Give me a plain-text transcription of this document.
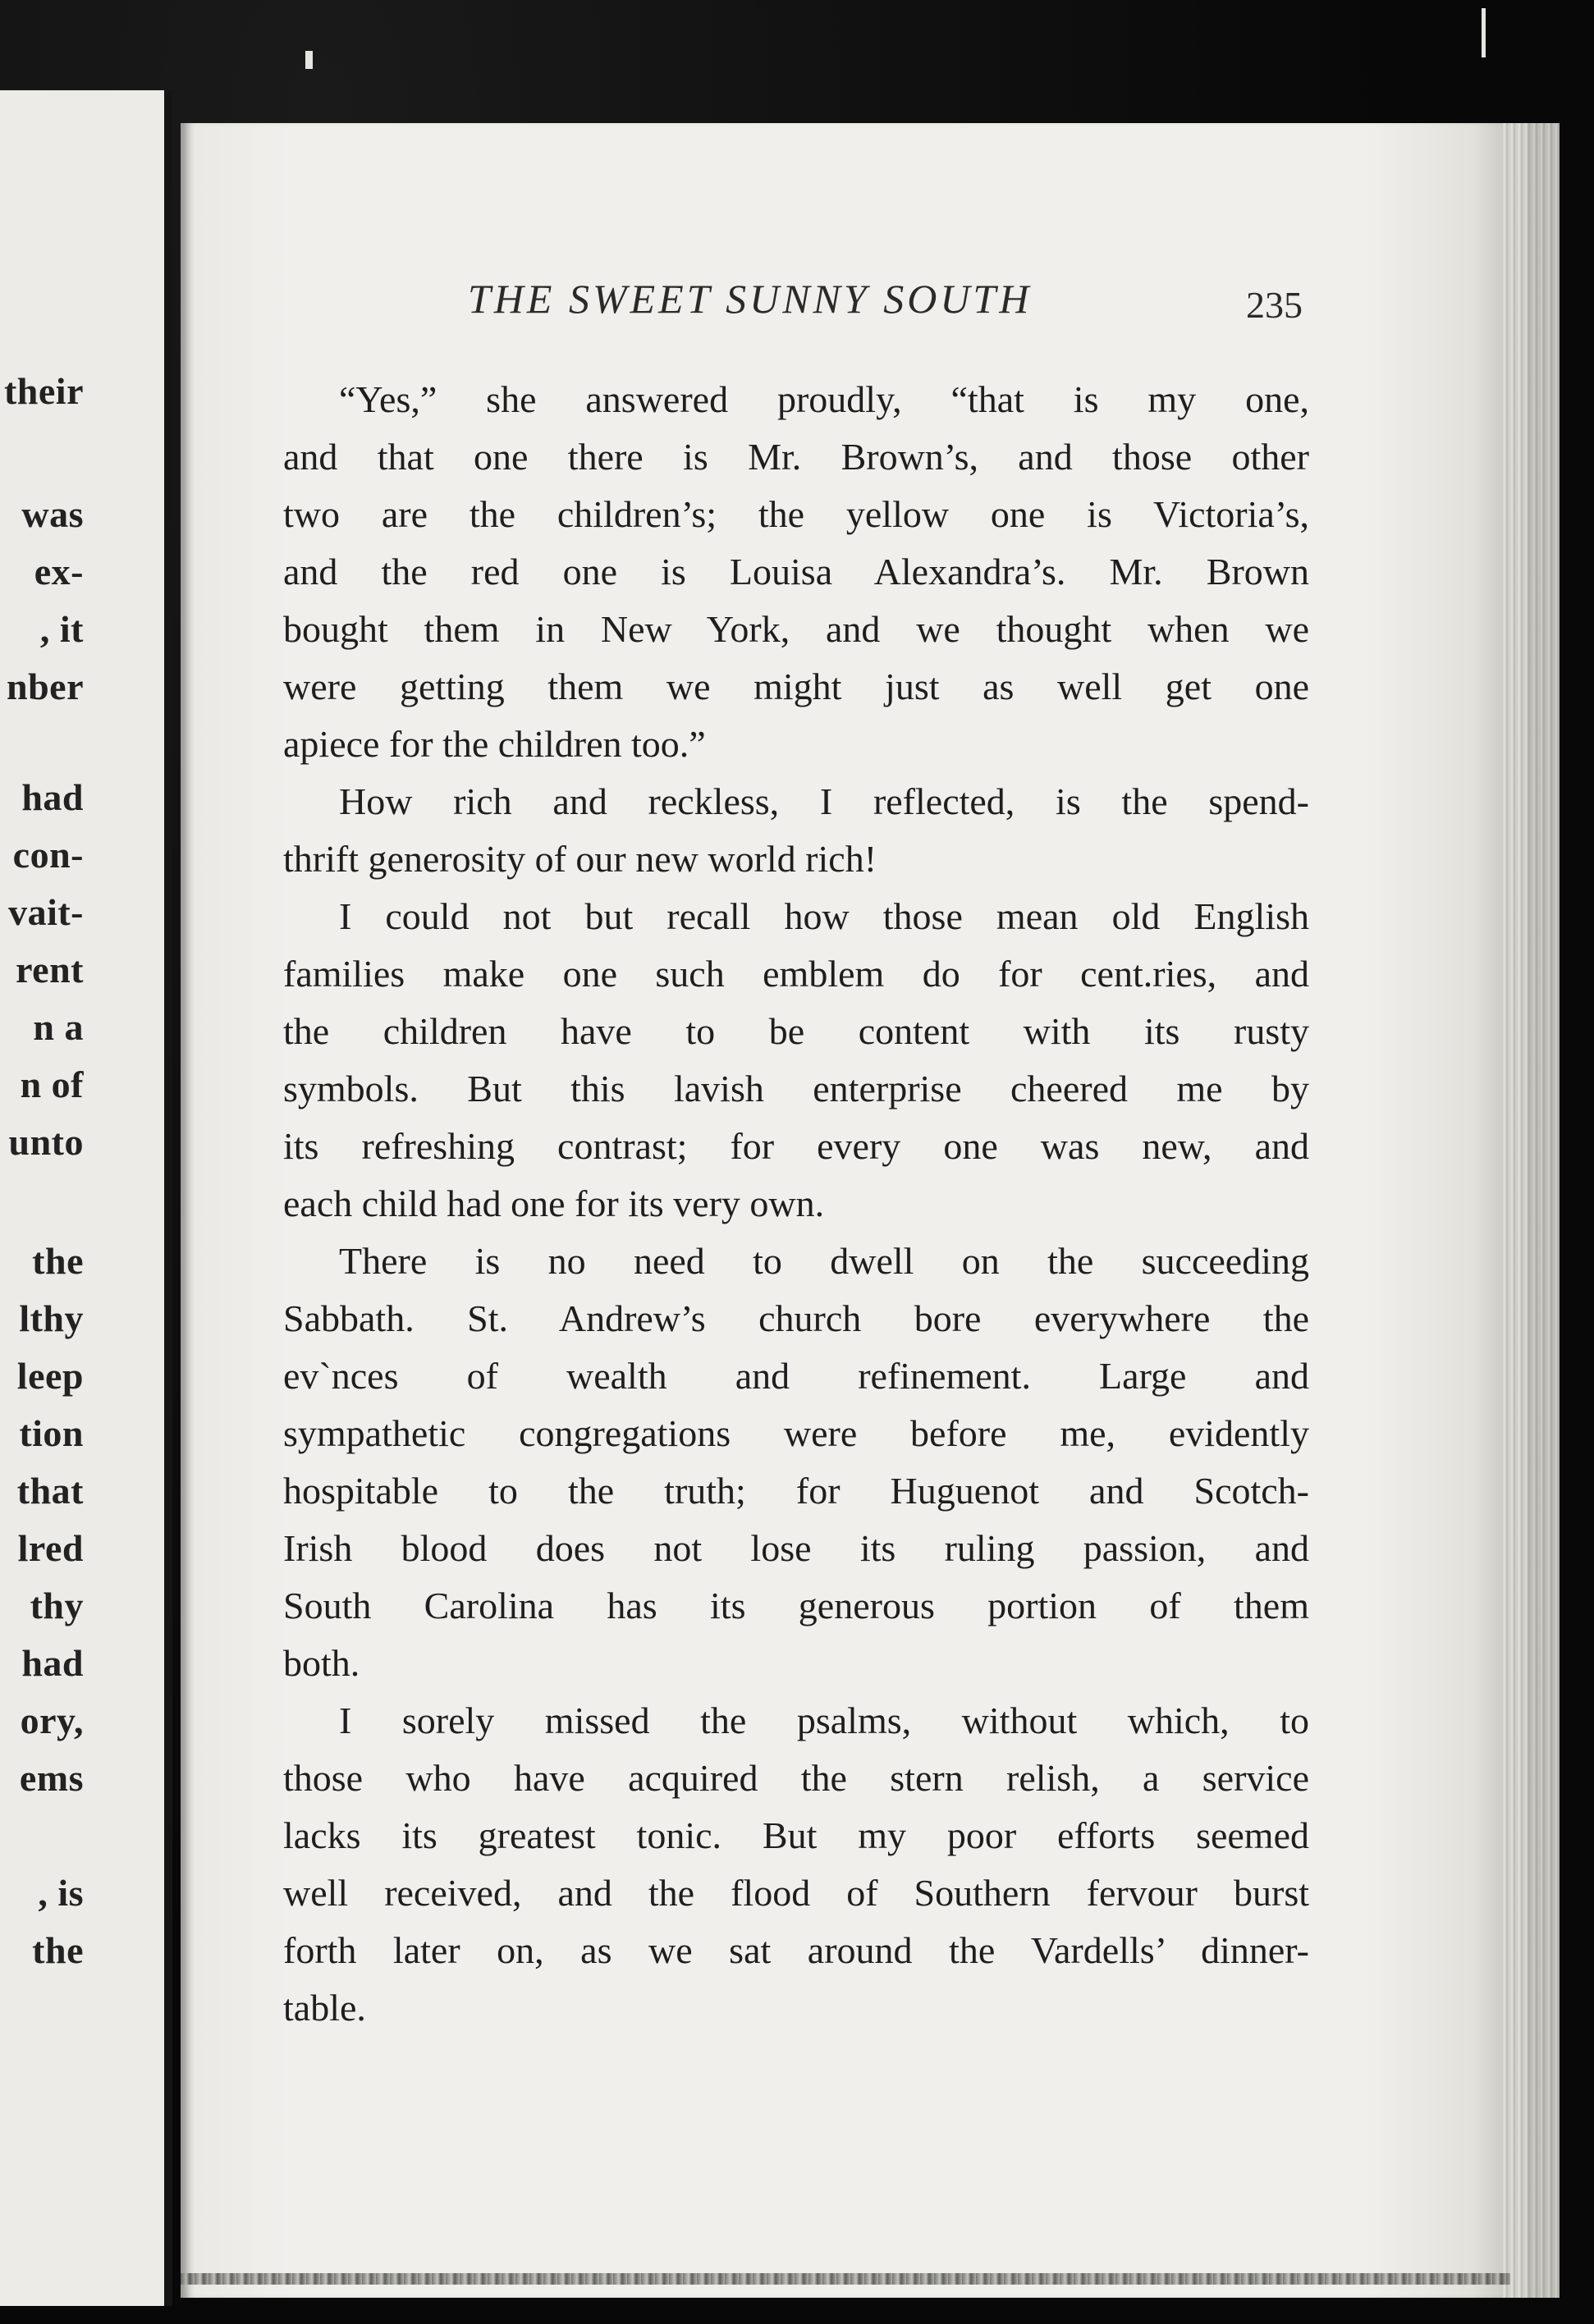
their
was
ex-
, it
nber
had
con-
vait-
rent
n a
n of
unto
the
lthy
leep
tion
that
lred
thy
had
ory,
ems
, is
the
THE SWEET SUNNY SOUTH	235
“Yes,” she answered proudly, “that is my one,
and that one there is Mr. Brown’s, and those other
two are the children’s; the yellow one is Victoria’s,
and the red one is Louisa Alexandra’s. Mr. Brown
bought them in New York, and we thought when we
were getting them we might just as well get one
apiece for the children too.”
How rich and reckless, I reflected, is the spend-
thrift generosity of our new world rich!
I could not but recall how those mean old English
families make one such emblem do for cent.ries, and
the children have to be content with its rusty
symbols. But this lavish enterprise cheered me by
its refreshing contrast; for every one was new, and
each child had one for its very own.
There is no need to dwell on the succeeding
Sabbath. St. Andrew’s church bore everywhere the
ev`nces of wealth and refinement. Large and
sympathetic congregations were before me, evidently
hospitable to the truth; for Huguenot and Scotch-
Irish blood does not lose its ruling passion, and
South Carolina has its generous portion of them
both.
I sorely missed the psalms, without which, to
those who have acquired the stern relish, a service
lacks its greatest tonic. But my poor efforts seemed
well received, and the flood of Southern fervour burst
forth later on, as we sat around the Vardells’ dinner-
table.
